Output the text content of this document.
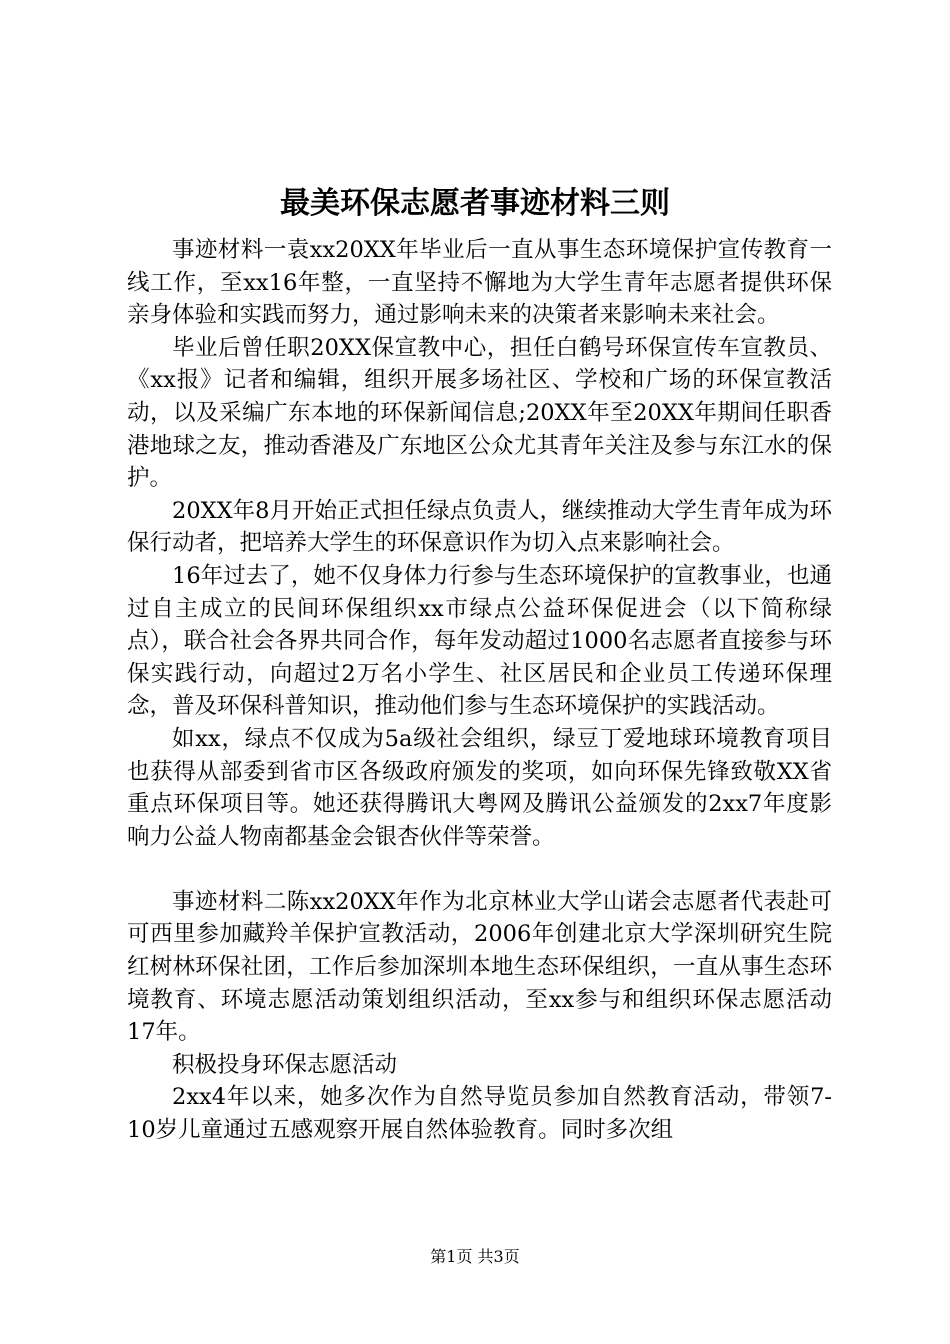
最美环保志愿者事迹材料三则

事迹材料一袁xx20XX年毕业后一直从事生态环境保护宣传教育一线工作，至xx16年整，一直坚持不懈地为大学生青年志愿者提供环保亲身体验和实践而努力，通过影响未来的决策者来影响未来社会。

毕业后曾任职20XX保宣教中心，担任白鹤号环保宣传车宣教员、《xx报》记者和编辑，组织开展多场社区、学校和广场的环保宣教活动，以及采编广东本地的环保新闻信息;20XX年至20XX年期间任职香港地球之友，推动香港及广东地区公众尤其青年关注及参与东江水的保护。

20XX年8月开始正式担任绿点负责人，继续推动大学生青年成为环保行动者，把培养大学生的环保意识作为切入点来影响社会。

16年过去了，她不仅身体力行参与生态环境保护的宣教事业，也通过自主成立的民间环保组织xx市绿点公益环保促进会（以下简称绿点），联合社会各界共同合作，每年发动超过1000名志愿者直接参与环保实践行动，向超过2万名小学生、社区居民和企业员工传递环保理念，普及环保科普知识，推动他们参与生态环境保护的实践活动。

如xx，绿点不仅成为5a级社会组织，绿豆丁爱地球环境教育项目也获得从部委到省市区各级政府颁发的奖项，如向环保先锋致敬XX省重点环保项目等。她还获得腾讯大粤网及腾讯公益颁发的2xx7年度影响力公益人物南都基金会银杏伙伴等荣誉。

事迹材料二陈xx20XX年作为北京林业大学山诺会志愿者代表赴可可西里参加藏羚羊保护宣教活动，2006年创建北京大学深圳研究生院红树林环保社团，工作后参加深圳本地生态环保组织，一直从事生态环境教育、环境志愿活动策划组织活动，至xx参与和组织环保志愿活动17年。

积极投身环保志愿活动

2xx4年以来，她多次作为自然导览员参加自然教育活动，带领7-10岁儿童通过五感观察开展自然体验教育。同时多次组

第1页 共3页
